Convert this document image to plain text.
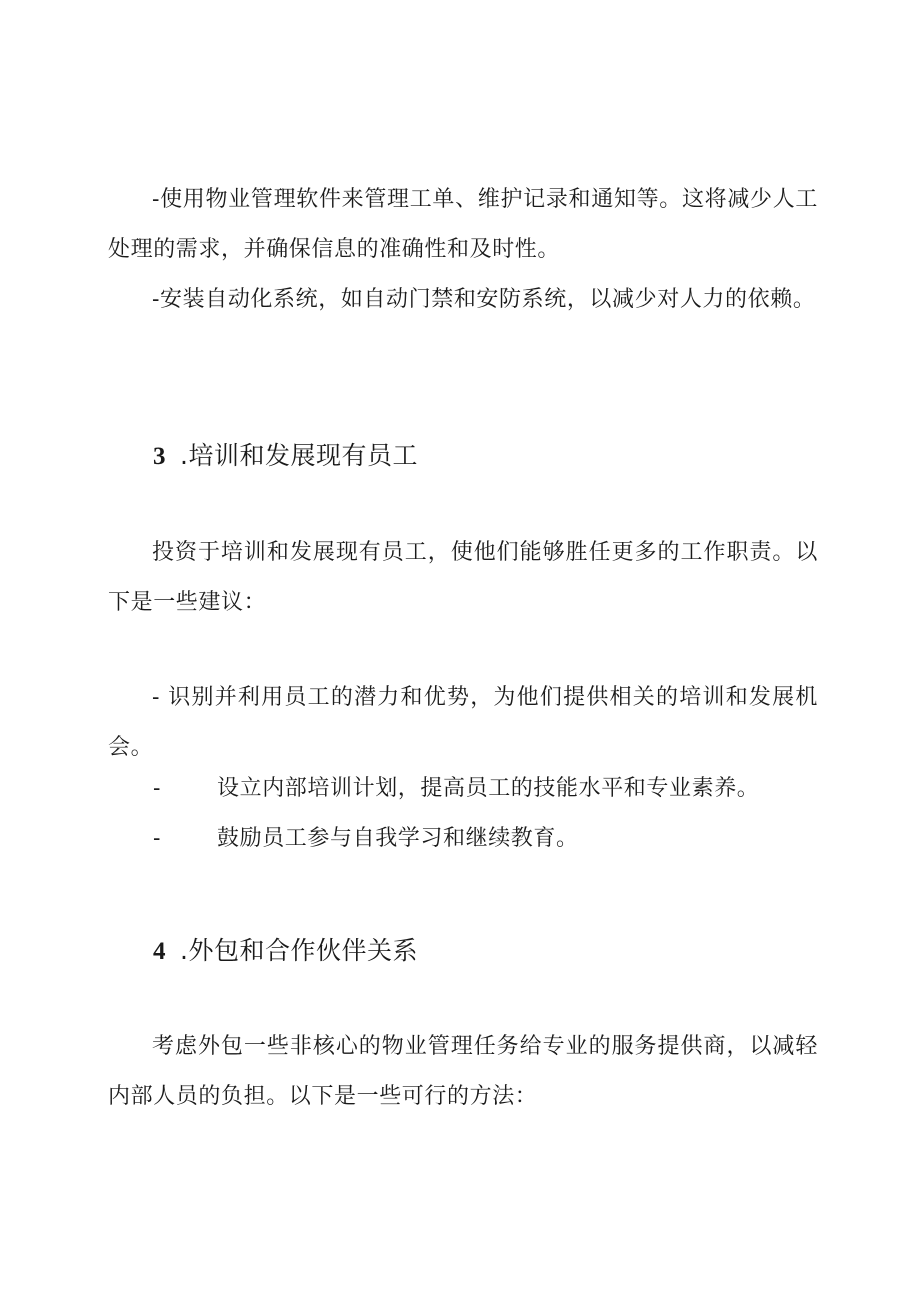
-使用物业管理软件来管理工单、维护记录和通知等。这将减少人工处理的需求，并确保信息的准确性和及时性。

-安装自动化系统，如自动门禁和安防系统，以减少对人力的依赖。

3 .培训和发展现有员工

投资于培训和发展现有员工，使他们能够胜任更多的工作职责。以下是一些建议：

- 识别并利用员工的潜力和优势，为他们提供相关的培训和发展机会。

-	设立内部培训计划，提高员工的技能水平和专业素养。

-	鼓励员工参与自我学习和继续教育。

4 .外包和合作伙伴关系

考虑外包一些非核心的物业管理任务给专业的服务提供商，以减轻内部人员的负担。以下是一些可行的方法：
